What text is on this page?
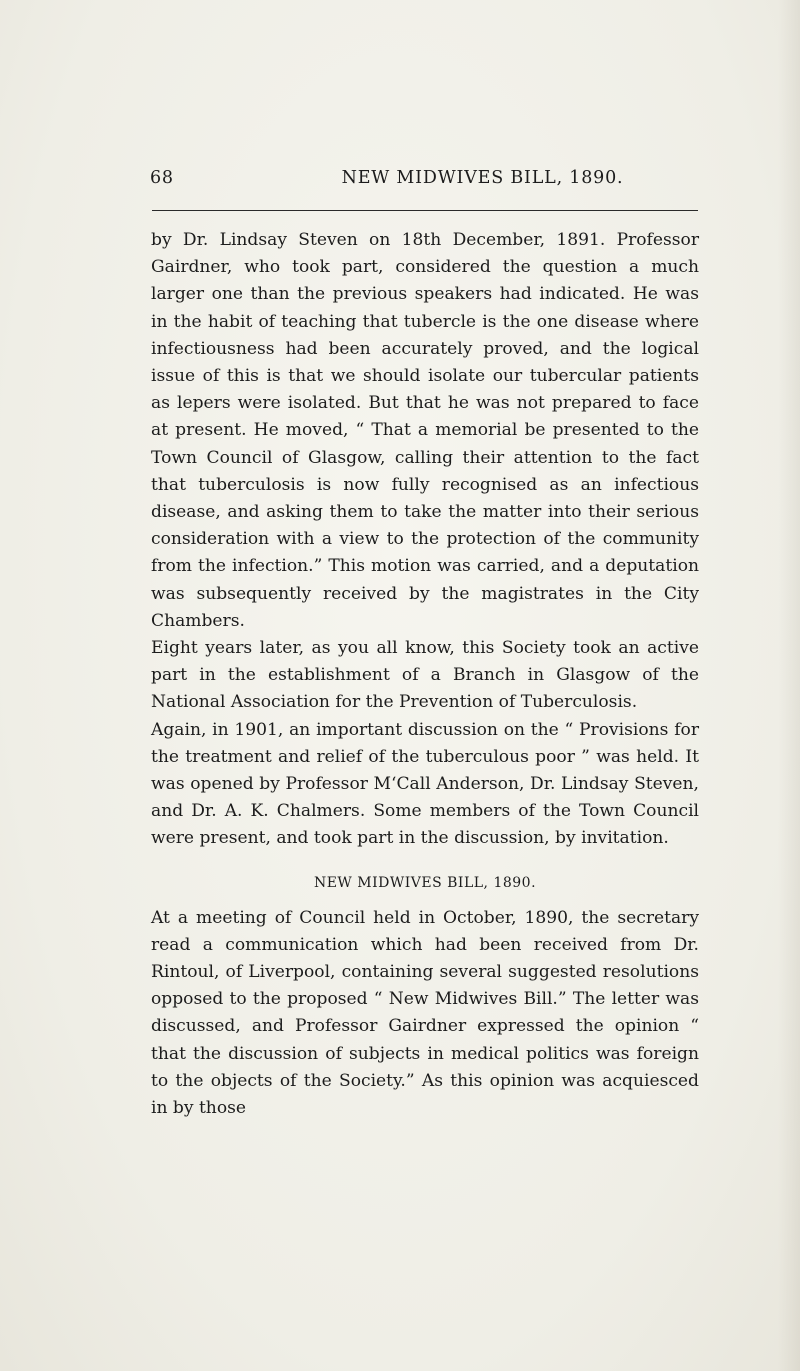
68	NEW MIDWIVES BILL, 1890.

by Dr. Lindsay Steven on 18th December, 1891. Professor Gairdner, who took part, considered the question a much larger one than the previous speakers had indicated. He was in the habit of teaching that tubercle is the one disease where infectiousness had been accurately proved, and the logical issue of this is that we should isolate our tubercular patients as lepers were isolated. But that he was not prepared to face at present. He moved, “ That a memorial be presented to the Town Council of Glasgow, calling their attention to the fact that tuberculosis is now fully recognised as an infectious disease, and asking them to take the matter into their serious consideration with a view to the protection of the community from the infection.” This motion was carried, and a deputation was subsequently received by the magistrates in the City Chambers.

Eight years later, as you all know, this Society took an active part in the establishment of a Branch in Glasgow of the National Association for the Prevention of Tuberculosis.

Again, in 1901, an important discussion on the “ Provisions for the treatment and relief of the tuberculous poor ” was held. It was opened by Professor M‘Call Anderson, Dr. Lindsay Steven, and Dr. A. K. Chalmers. Some members of the Town Council were present, and took part in the discussion, by invitation.

NEW MIDWIVES BILL, 1890.

At a meeting of Council held in October, 1890, the secretary read a communication which had been received from Dr. Rintoul, of Liverpool, containing several suggested resolutions opposed to the proposed “ New Midwives Bill.” The letter was discussed, and Professor Gairdner expressed the opinion “ that the discussion of subjects in medical politics was foreign to the objects of the Society.” As this opinion was acquiesced in by those
